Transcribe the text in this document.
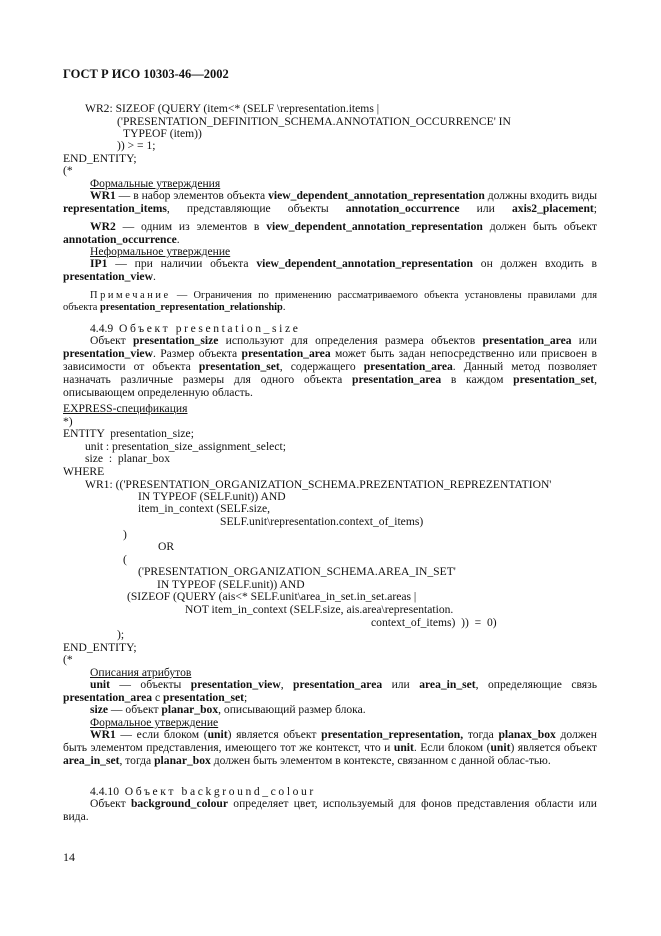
ГОСТ Р ИСО 10303-46—2002
WR2: SIZEOF (QUERY (item<* (SELF \representation.items |
('PRESENTATION_DEFINITION_SCHEMA.ANNOTATION_OCCURRENCE' IN
TYPEOF (item))
)) > = 1;
END_ENTITY;
(*
Формальные утверждения
WR1 — в набор элементов объекта view_dependent_annotation_representation должны входить виды representation_items, представляющие объекты annotation_occurrence или axis2_placement;
WR2 — одним из элементов в view_dependent_annotation_representation должен быть объект annotation_occurrence.
Неформальное утверждение
IP1 — при наличии объекта view_dependent_annotation_representation он должен входить в presentation_view.
Примечание — Ограничения по применению рассматриваемого объекта установлены правилами для объекта presentation_representation_relationship.
4.4.9 Объект presentation_size
Объект presentation_size используют для определения размера объектов presentation_area или presentation_view. Размер объекта presentation_area может быть задан непосредственно или присвоен в зависимости от объекта presentation_set, содержащего presentation_area. Данный метод позволяет назначать различные размеры для одного объекта presentation_area в каждом presentation_set, описывающем определенную область.
EXPRESS-спецификация
*)
ENTITY  presentation_size;
unit : presentation_size_assignment_select;
size  :  planar_box
WHERE
WR1: (('PRESENTATION_ORGANIZATION_SCHEMA.PREZENTATION_REPREZENTATION'
IN TYPEOF (SELF.unit)) AND
item_in_context (SELF.size,
SELF.unit\representation.context_of_items)
)
OR
(
('PRESENTATION_ORGANIZATION_SCHEMA.AREA_IN_SET'
IN TYPEOF (SELF.unit)) AND
(SIZEOF (QUERY (ais<* SELF.unit\area_in_set.in_set.areas |
NOT item_in_context (SELF.size, ais.area\representation.
context_of_items)  ))  =  0)
);
END_ENTITY;
(*
Описания атрибутов
unit — объекты presentation_view, presentation_area или area_in_set, определяющие связь presentation_area с presentation_set;
size — объект planar_box, описывающий размер блока.
Формальное утверждение
WR1 — если блоком (unit) является объект presentation_representation, тогда planax_box должен быть элементом представления, имеющего тот же контекст, что и unit. Если блоком (unit) является объект area_in_set, тогда planar_box должен быть элементом в контексте, связанном с данной облас-тью.
4.4.10 Объект background_colour
Объект background_colour определяет цвет, используемый для фонов представления области или вида.
14
